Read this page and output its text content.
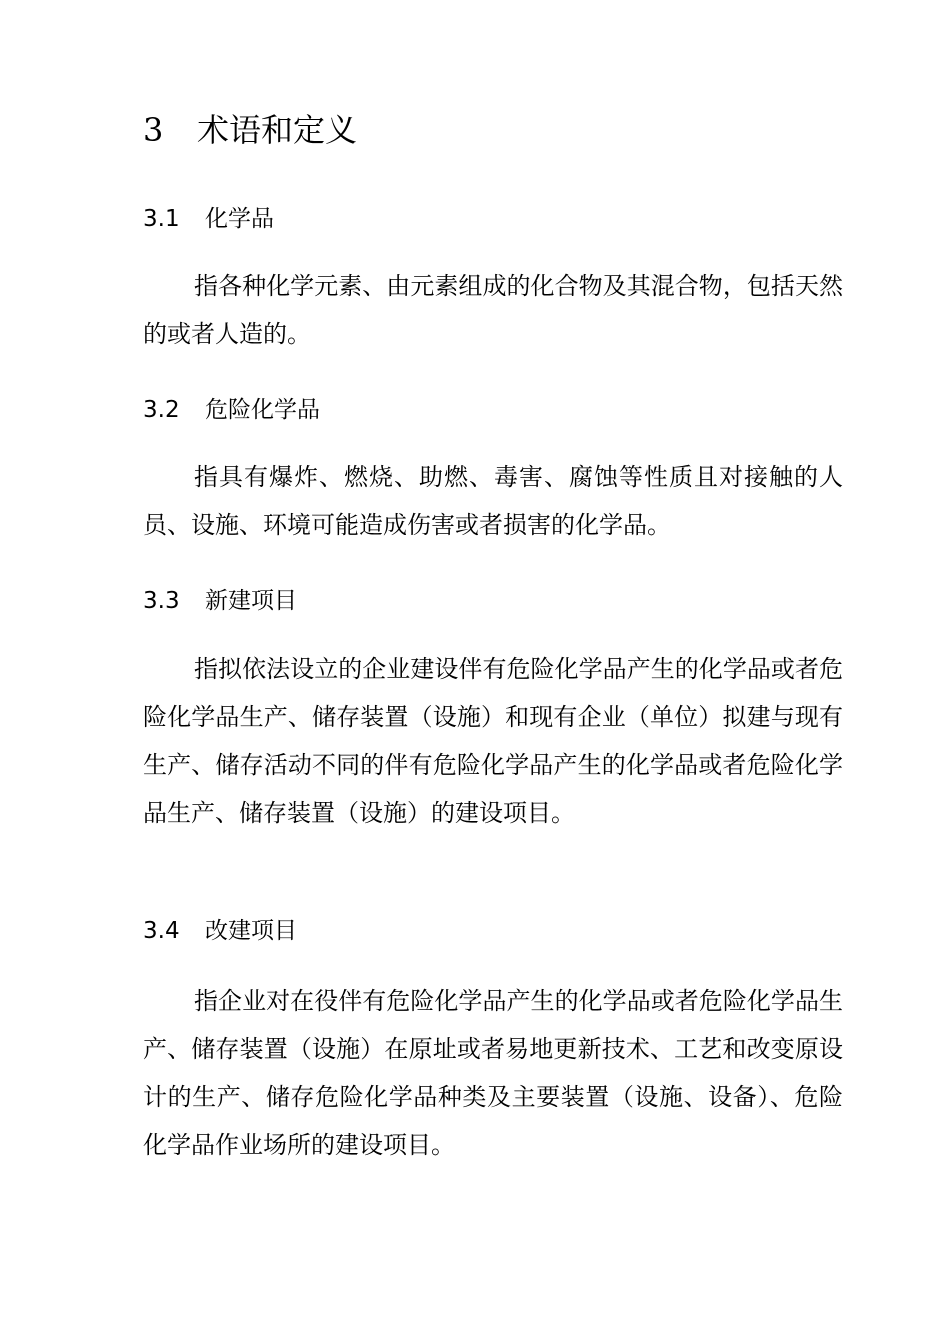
3 术语和定义
3.1 化学品

指各种化学元素、由元素组成的化合物及其混合物，包括天然的或者人造的。

3.2 危险化学品

指具有爆炸、燃烧、助燃、毒害、腐蚀等性质且对接触的人员、设施、环境可能造成伤害或者损害的化学品。

3.3 新建项目

指拟依法设立的企业建设伴有危险化学品产生的化学品或者危险化学品生产、储存装置（设施）和现有企业（单位）拟建与现有生产、储存活动不同的伴有危险化学品产生的化学品或者危险化学品生产、储存装置（设施）的建设项目。

3.4 改建项目

指企业对在役伴有危险化学品产生的化学品或者危险化学品生产、储存装置（设施）在原址或者易地更新技术、工艺和改变原设计的生产、储存危险化学品种类及主要装置（设施、设备）、危险化学品作业场所的建设项目。
